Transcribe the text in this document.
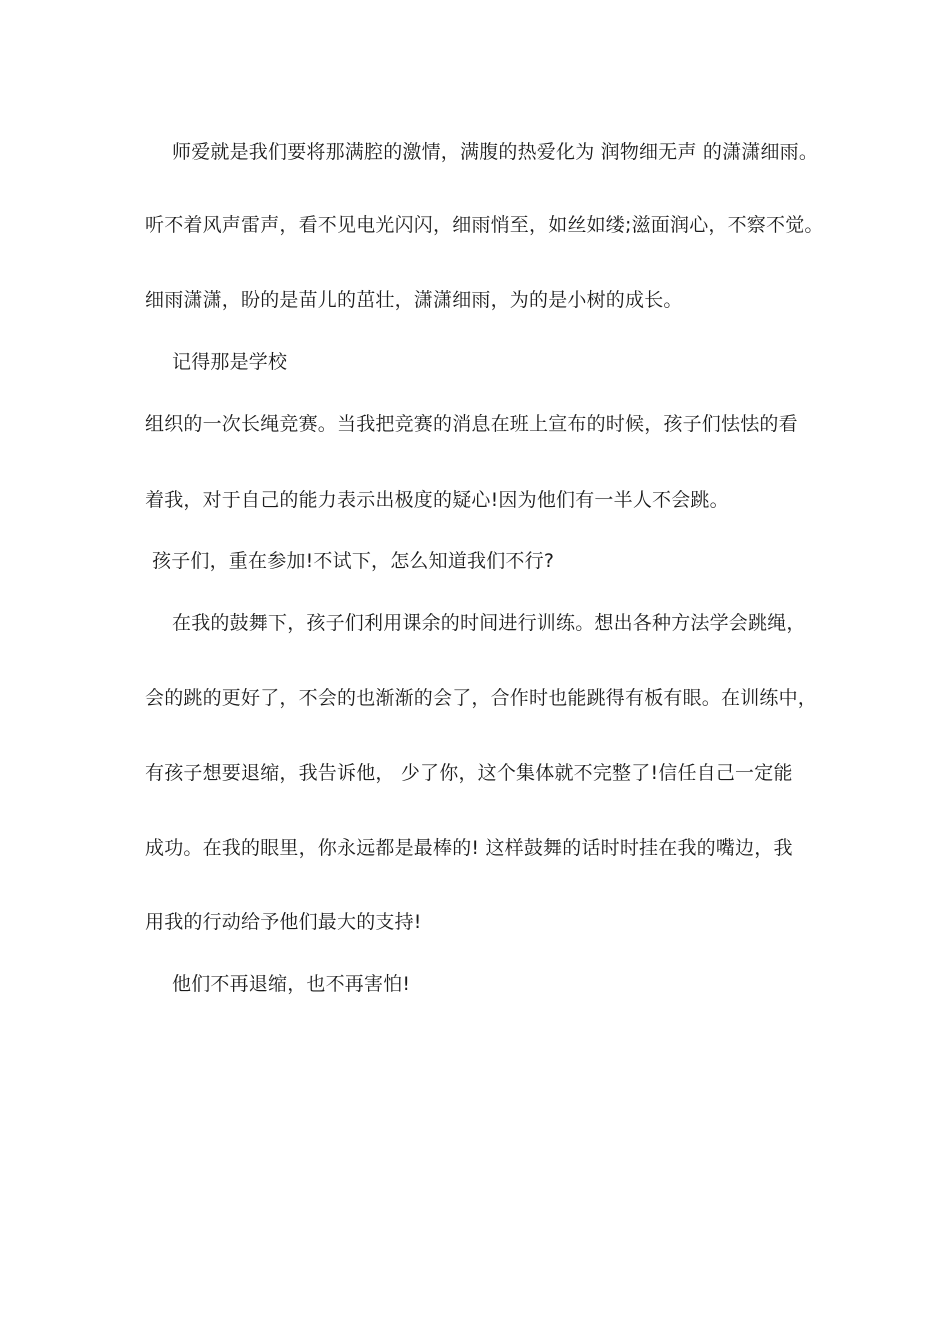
师爱就是我们要将那满腔的激情，满腹的热爱化为 润物细无声 的潇潇细雨。
听不着风声雷声，看不见电光闪闪，细雨悄至，如丝如缕;滋面润心，不察不觉。
细雨潇潇，盼的是苗儿的茁壮，潇潇细雨，为的是小树的成长。
记得那是学校
组织的一次长绳竞赛。当我把竞赛的消息在班上宣布的时候，孩子们怯怯的看
着我，对于自己的能力表示出极度的疑心!因为他们有一半人不会跳。
孩子们，重在参加!不试下，怎么知道我们不行?
在我的鼓舞下，孩子们利用课余的时间进行训练。想出各种方法学会跳绳，
会的跳的更好了，不会的也渐渐的会了，合作时也能跳得有板有眼。在训练中，
有孩子想要退缩，我告诉他， 少了你，这个集体就不完整了!信任自己一定能
成功。在我的眼里，你永远都是最棒的! 这样鼓舞的话时时挂在我的嘴边，我
用我的行动给予他们最大的支持!
他们不再退缩，也不再害怕!
